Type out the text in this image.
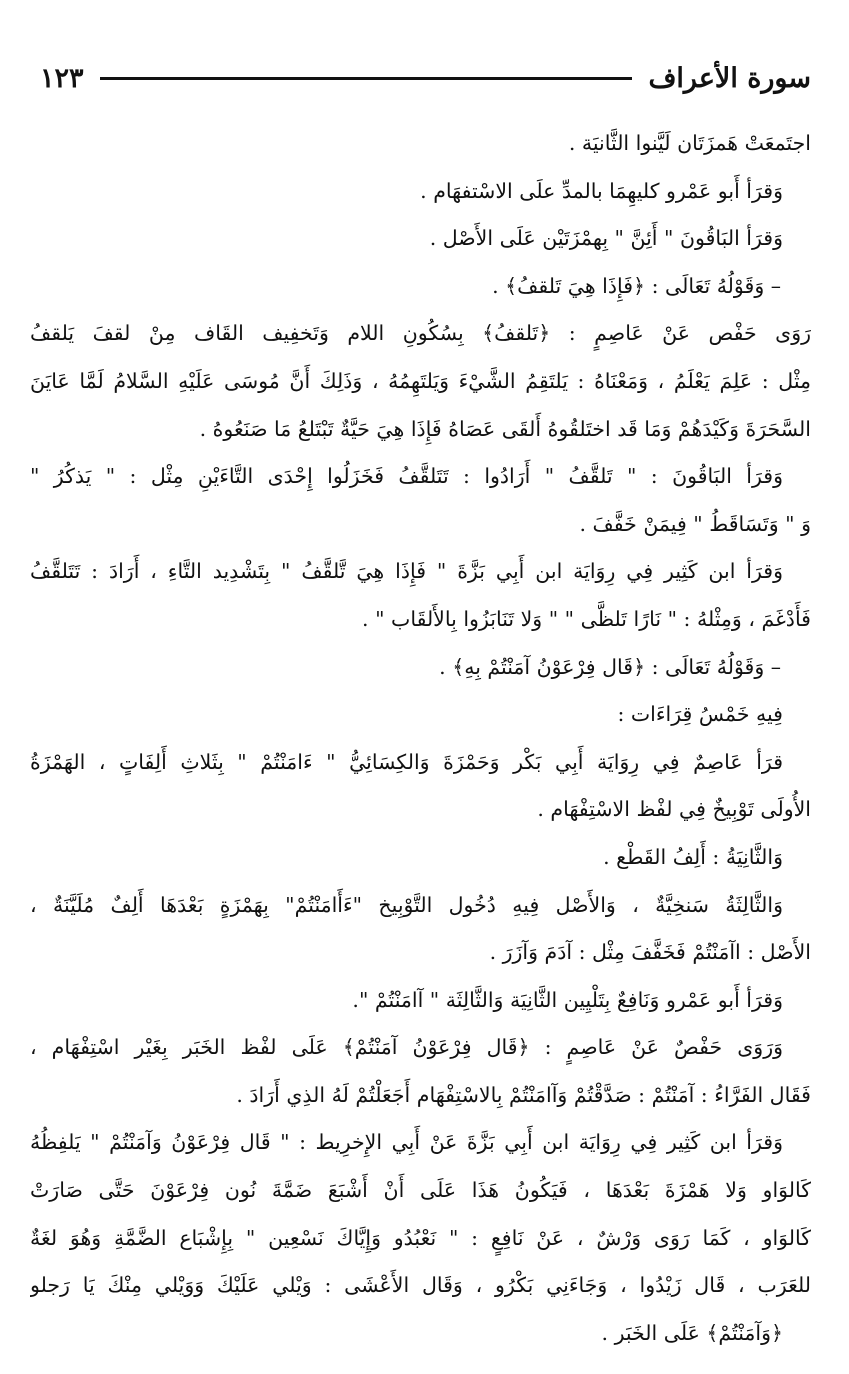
سورة الأعراف
١٢٣
اجتَمعَتْ هَمزَتَان لَيَّنوا الثَّانيَة .
وَقرَأ أَبو عَمْرو كليهِمَا بالمدِّ علَى الاسْتفهَام .
وَقرَأ البَاقُونَ " أَئِنَّ " بِهمْزَتَيْن عَلَى الأَصْل .
– وَقَوْلُهُ تَعَالَى : ﴿فَإِذَا هِيَ تَلقفُ﴾ .
رَوَى حَفْص عَنْ عَاصِمٍ : ﴿تَلقفُ﴾ بِسُكُونِ اللام وَتَخفِيف القَاف مِنْ لقفَ يَلقفُ
مِثْل : عَلِمَ يَعْلَمُ ، وَمَعْنَاهُ : يَلتَقِمُ الشَّيْءَ وَيَلتَهِمُهُ ، وَذَلِكَ أَنَّ مُوسَى عَلَيْهِ السَّلامُ لَمَّا عَايَنَ
السَّحَرَةَ وَكَيْدَهُمْ وَمَا قَد اختَلقُوهُ أَلقَى عَصَاهُ فَإِذَا هِيَ حَيَّةٌ تَبْتَلعُ مَا صَنَعُوهُ .
وَقرَأ البَاقُونَ : " تَلقَّفُ " أَرَادُوا : تَتَلقَّفُ فَخَزَلُوا إِحْدَى التَّاءَيْنِ مِثْل : " يَذكُرُ "
وَ " وَتَسَاقَطُ " فِيمَنْ خَفَّفَ .
وَقرَأ ابن كَثِير فِي رِوَايَة ابن أَبِي بَزَّةَ " فَإِذَا هِيَ تَّلقَّفُ " بِتَشْدِيد التَّاءِ ، أَرَادَ : تَتَلقَّفُ
فَأَدْغَمَ ، وَمِثْلهُ : " نَارًا تَلظَّى " " وَلا تَنَابَزُوا بِالأَلقَاب " .
– وَقَوْلُهُ تَعَالَى : ﴿قَال فِرْعَوْنُ آمَنْتُمْ بِهِ﴾ .
فِيهِ خَمْسُ قِرَاءَات :
قرَأ عَاصِمٌ فِي رِوَايَة أَبِي بَكْر وَحَمْزَةَ وَالكِسَائِيُّ " ءَامَنْتُمْ " بِثَلاثِ أَلِفَاتٍ ، الهَمْزَةُ
الأُولَى تَوْبِيخٌ فِي لفْظ الاسْتِفْهَام .
وَالثَّانِيَةُ : أَلِفُ القَطْع .
وَالثَّالِثَةُ سَنخِيَّةٌ ، وَالأَصْل فِيهِ دُخُول التَّوْبِيخ "ءَأَامَنْتُمْ" بِهَمْزَةٍ بَعْدَهَا أَلِفٌ مُلَيَّنَةٌ ،
الأَصْل : اآمَنْتُمْ فَخَفَّفَ مِثْل : آدَمَ وَآزَرَ .
وَقرَأ أَبو عَمْرو وَنَافِعٌ بِتَلْيِين الثَّانِيَة وَالثَّالِثَة " آامَنْتُمْ ".
وَرَوَى حَفْصٌ عَنْ عَاصِمٍ : ﴿قَال فِرْعَوْنُ آمَنْتُمْ﴾ عَلَى لفْظ الخَبَر بِغَيْر اسْتِفْهَام ،
فَقَال الفَرَّاءُ : آمَنْتُمْ : صَدَّقْتُمْ وَآامَنْتُمْ بِالاسْتِفْهَام أَجَعَلْتُمْ لَهُ الذِي أَرَادَ .
وَقرَأ ابن كَثِير فِي رِوَايَة ابن أَبِي بَزَّةَ عَنْ أَبِي الإِخرِيط : " قَال فِرْعَوْنُ وَآمَنْتُمْ " يَلفِظُهُ
كَالوَاو وَلا هَمْزَةَ بَعْدَهَا ، فَيَكُونُ هَذَا عَلَى أَنْ أَشْبَعَ ضَمَّةَ نُون فِرْعَوْنَ حَتَّى صَارَتْ
كَالوَاو ، كَمَا رَوَى وَرْشٌ ، عَنْ نَافِعٍ : " نَعْبُدُو وَإِيَّاكَ نَسْعِين " بِإِشْبَاع الضَّمَّةِ وَهُوَ لغَةٌ
للعَرَب ، قَال زَيْدُوا ، وَجَاءَنِي بَكْرُو ، وَقَال الأَعْشَى : وَيْلي عَلَيْكَ وَوَيْلي مِنْكَ يَا رَجلو
﴿وَآمَنْتُمْ﴾ عَلَى الخَبَر .
